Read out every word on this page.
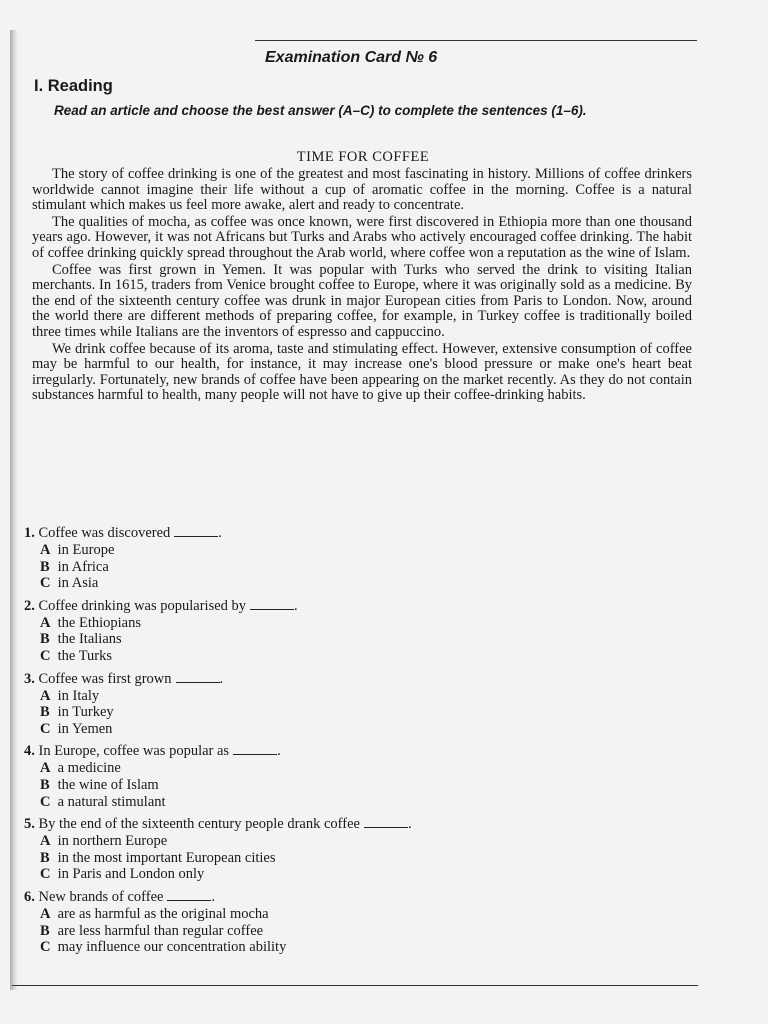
Examination Card № 6
I. Reading
Read an article and choose the best answer (A–C) to complete the sentences (1–6).
TIME FOR COFFEE

The story of coffee drinking is one of the greatest and most fascinating in history. Millions of coffee drinkers worldwide cannot imagine their life without a cup of aromatic coffee in the morning. Coffee is a natural stimulant which makes us feel more awake, alert and ready to concentrate.

The qualities of mocha, as coffee was once known, were first discovered in Ethiopia more than one thousand years ago. However, it was not Africans but Turks and Arabs who actively encouraged coffee drinking. The habit of coffee drinking quickly spread throughout the Arab world, where coffee won a reputation as the wine of Islam.

Coffee was first grown in Yemen. It was popular with Turks who served the drink to visiting Italian merchants. In 1615, traders from Venice brought coffee to Europe, where it was originally sold as a medicine. By the end of the sixteenth century coffee was drunk in major European cities from Paris to London. Now, around the world there are different methods of preparing coffee, for example, in Turkey coffee is traditionally boiled three times while Italians are the inventors of espresso and cappuccino.

We drink coffee because of its aroma, taste and stimulating effect. However, extensive consumption of coffee may be harmful to our health, for instance, it may increase one's blood pressure or make one's heart beat irregularly. Fortunately, new brands of coffee have been appearing on the market recently. As they do not contain substances harmful to health, many people will not have to give up their coffee-drinking habits.

1. Coffee was discovered	.
A in Europe
B in Africa
C in Asia
2. Coffee drinking was popularised by	.
A the Ethiopians
B the Italians
C the Turks
3. Coffee was first grown	.
A in Italy
B in Turkey
C in Yemen
4. In Europe, coffee was popular as	.
A a medicine
B the wine of Islam
C a natural stimulant
5. By the end of the sixteenth century people drank coffee	.
A in northern Europe
B in the most important European cities
C in Paris and London only
6. New brands of coffee	.
A are as harmful as the original mocha
B are less harmful than regular coffee
C may influence our concentration ability
